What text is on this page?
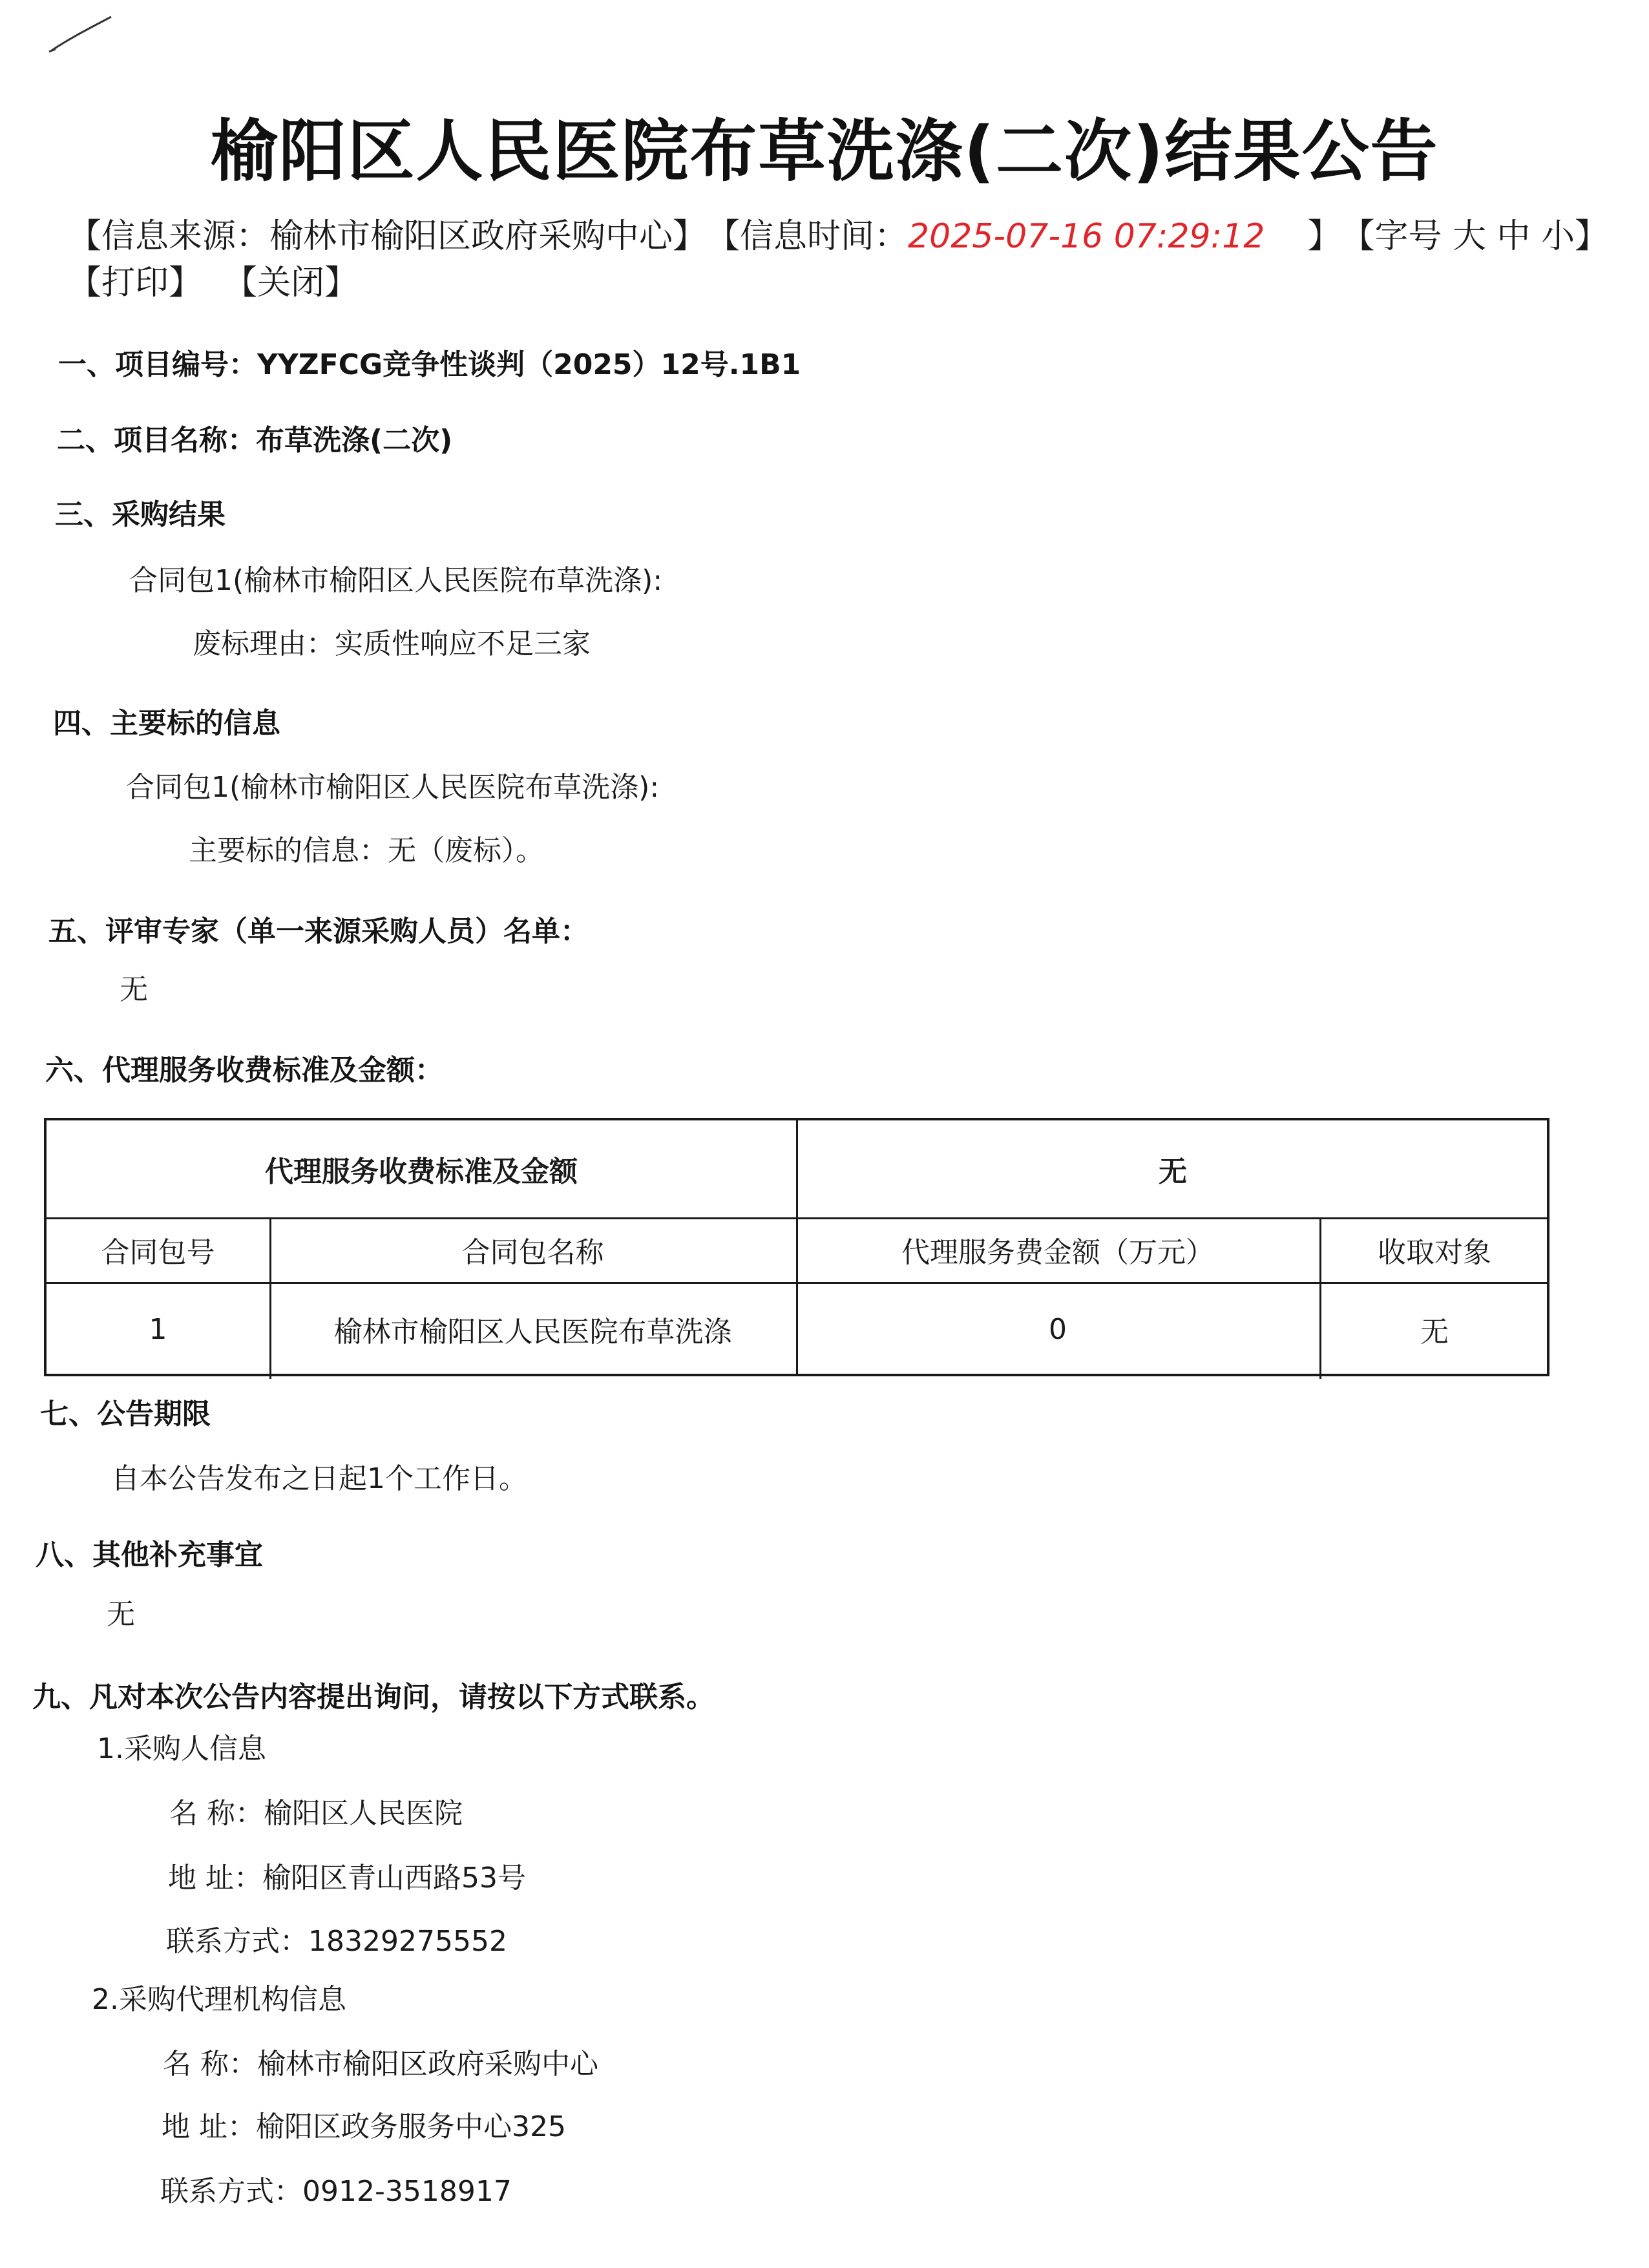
榆阳区人民医院布草洗涤(二次)结果公告
【信息来源：榆林市榆阳区政府采购中心】 【信息时间：2025-07-16 07:29:12 】 【字号 大 中 小】
【打印】 【关闭】
一、项目编号：YYZFCG竞争性谈判（2025）12号.1B1
二、项目名称：布草洗涤(二次)
三、采购结果
合同包1(榆林市榆阳区人民医院布草洗涤):
废标理由：实质性响应不足三家
四、主要标的信息
合同包1(榆林市榆阳区人民医院布草洗涤):
主要标的信息：无（废标）。
五、评审专家（单一来源采购人员）名单：
无
六、代理服务收费标准及金额：
代理服务收费标准及金额	无
合同包号	合同包名称	代理服务费金额（万元）	收取对象
1	榆林市榆阳区人民医院布草洗涤	0	无
七、公告期限
自本公告发布之日起1个工作日。
八、其他补充事宜
无
九、凡对本次公告内容提出询问，请按以下方式联系。
1.采购人信息
名 称：榆阳区人民医院
地 址：榆阳区青山西路53号
联系方式：18329275552
2.采购代理机构信息
名 称：榆林市榆阳区政府采购中心
地 址：榆阳区政务服务中心325
联系方式：0912-3518917
